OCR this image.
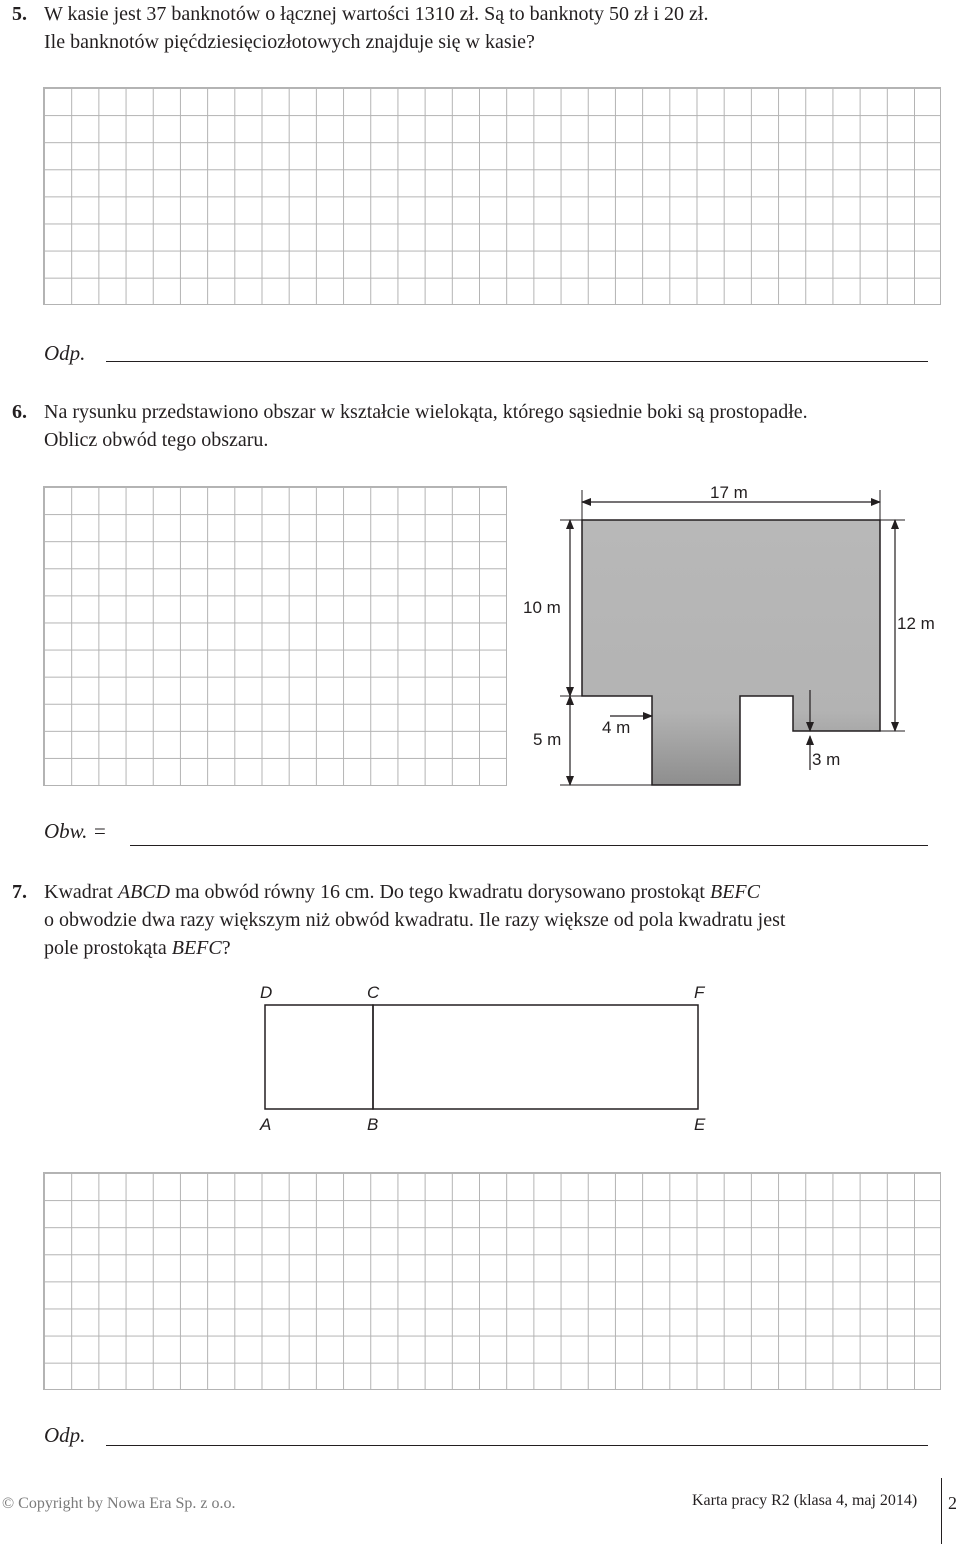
5. W kasie jest 37 banknotów o łącznej wartości 1310 zł. Są to banknoty 50 zł i 20 zł.
Ile banknotów pięćdziesięciozłotowych znajduje się w kasie?
Odp.
6. Na rysunku przedstawiono obszar w kształcie wielokąta, którego sąsiednie boki są prostopadłe.
Oblicz obwód tego obszaru.
17 m
10 m
12 m
5 m
4 m
3 m
Obw. =
7. Kwadrat ABCD ma obwód równy 16 cm. Do tego kwadratu dorysowano prostokąt BEFC
o obwodzie dwa razy większym niż obwód kwadratu. Ile razy większe od pola kwadratu jest
pole prostokąta BEFC?
D	C	F
A	B	E
Odp.
© Copyright by Nowa Era Sp. z o.o.	Karta pracy R2 (klasa 4, maj 2014) 2
